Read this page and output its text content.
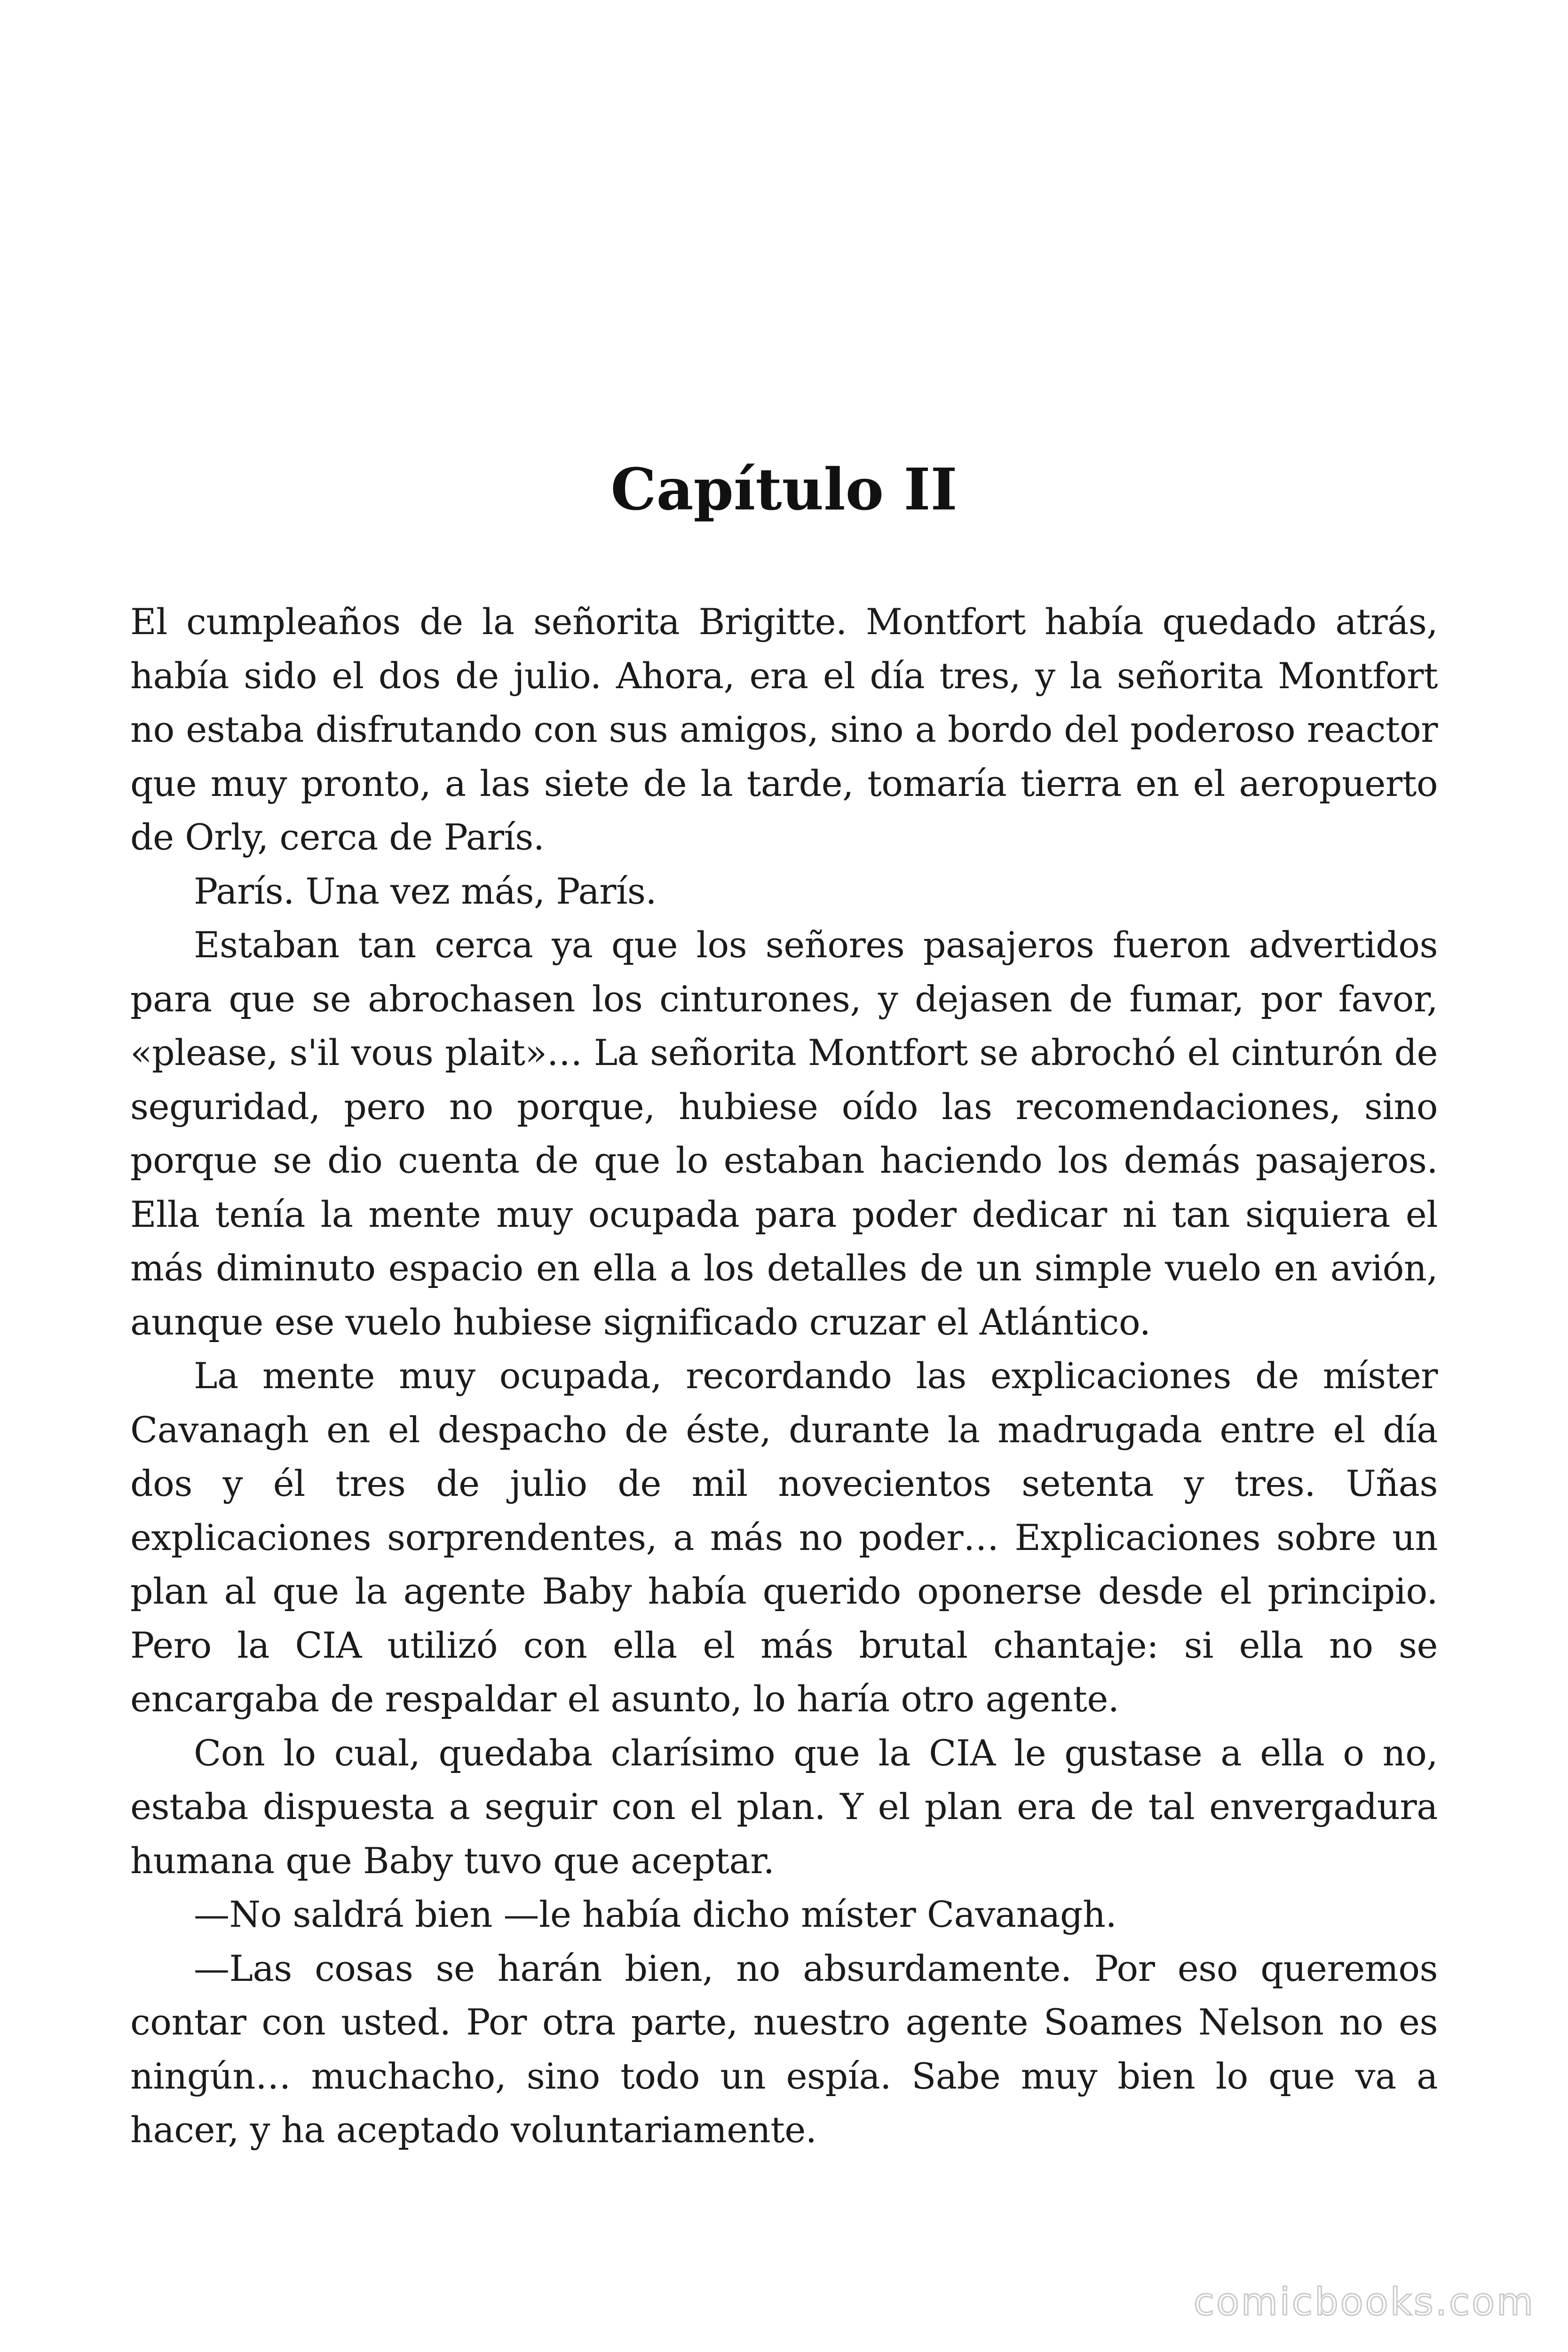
Capítulo II

El cumpleaños de la señorita Brigitte. Montfort había quedado atrás, había sido el dos de julio. Ahora, era el día tres, y la señorita Montfort no estaba disfrutando con sus amigos, sino a bordo del poderoso reactor que muy pronto, a las siete de la tarde, tomaría tierra en el aeropuerto de Orly, cerca de París.

París. Una vez más, París.

Estaban tan cerca ya que los señores pasajeros fueron advertidos para que se abrochasen los cinturones, y dejasen de fumar, por favor, «please, s'il vous plait»… La señorita Montfort se abrochó el cinturón de seguridad, pero no porque, hubiese oído las recomendaciones, sino porque se dio cuenta de que lo estaban haciendo los demás pasajeros. Ella tenía la mente muy ocupada para poder dedicar ni tan siquiera el más diminuto espacio en ella a los detalles de un simple vuelo en avión, aunque ese vuelo hubiese significado cruzar el Atlántico.

La mente muy ocupada, recordando las explicaciones de míster Cavanagh en el despacho de éste, durante la madrugada entre el día dos y él tres de julio de mil novecientos setenta y tres. Uñas explicaciones sorprendentes, a más no poder… Explicaciones sobre un plan al que la agente Baby había querido oponerse desde el principio. Pero la CIA utilizó con ella el más brutal chantaje: si ella no se encargaba de respaldar el asunto, lo haría otro agente.

Con lo cual, quedaba clarísimo que la CIA le gustase a ella o no, estaba dispuesta a seguir con el plan. Y el plan era de tal envergadura humana que Baby tuvo que aceptar.

—No saldrá bien —le había dicho míster Cavanagh.

—Las cosas se harán bien, no absurdamente. Por eso queremos contar con usted. Por otra parte, nuestro agente Soames Nelson no es ningún… muchacho, sino todo un espía. Sabe muy bien lo que va a hacer, y ha aceptado voluntariamente.

comicbooks.com
